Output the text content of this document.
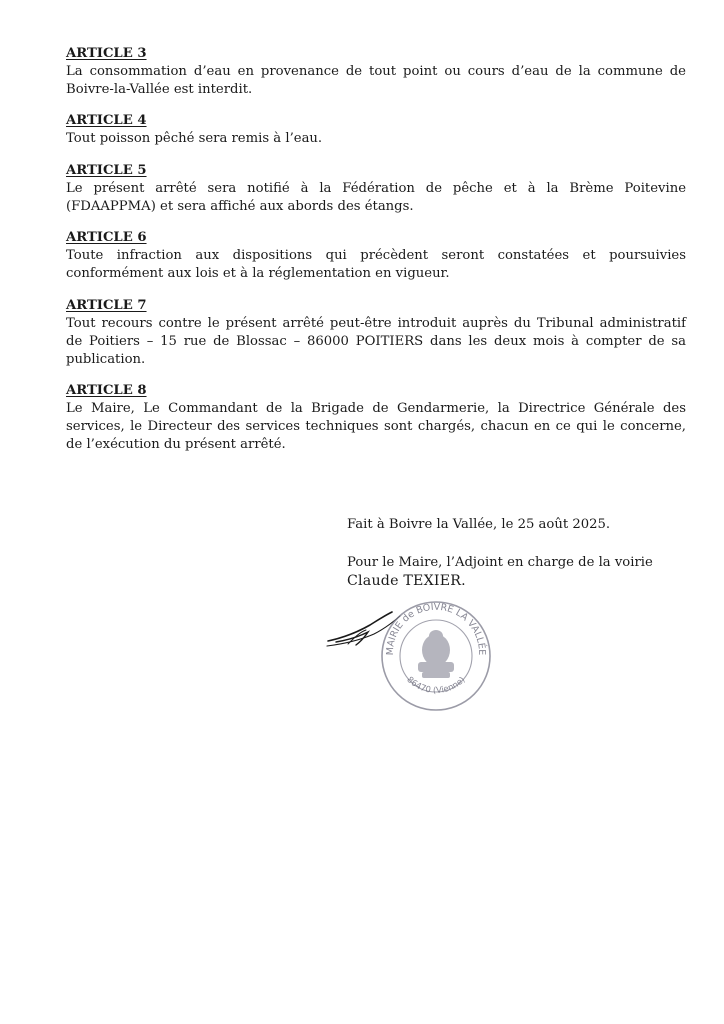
ARTICLE 3
La consommation d’eau en provenance de tout point ou cours d’eau de la commune de Boivre-la-Vallée est interdit.
ARTICLE 4
Tout poisson pêché sera remis à l’eau.
ARTICLE 5
Le présent arrêté sera notifié à la Fédération de pêche et à la Brème Poitevine (FDAAPPMA) et sera affiché aux abords des étangs.
ARTICLE 6
Toute infraction aux dispositions qui précèdent seront constatées et poursuivies conformément aux lois et à la réglementation en vigueur.
ARTICLE 7
Tout recours contre le présent arrêté peut-être introduit auprès du Tribunal administratif de Poitiers – 15 rue de Blossac – 86000 POITIERS dans les deux mois à compter de sa publication.
ARTICLE 8
Le Maire, Le Commandant de la Brigade de Gendarmerie, la Directrice Générale des services, le Directeur des services techniques sont chargés, chacun en ce qui le concerne, de l’exécution du présent arrêté.
Fait à Boivre la Vallée, le 25 août 2025.
Pour le Maire, l’Adjoint en charge de la voirie
Claude TEXIER.
MAIRIE de BOIVRE LA VALLÉE
86470 (Vienne)
